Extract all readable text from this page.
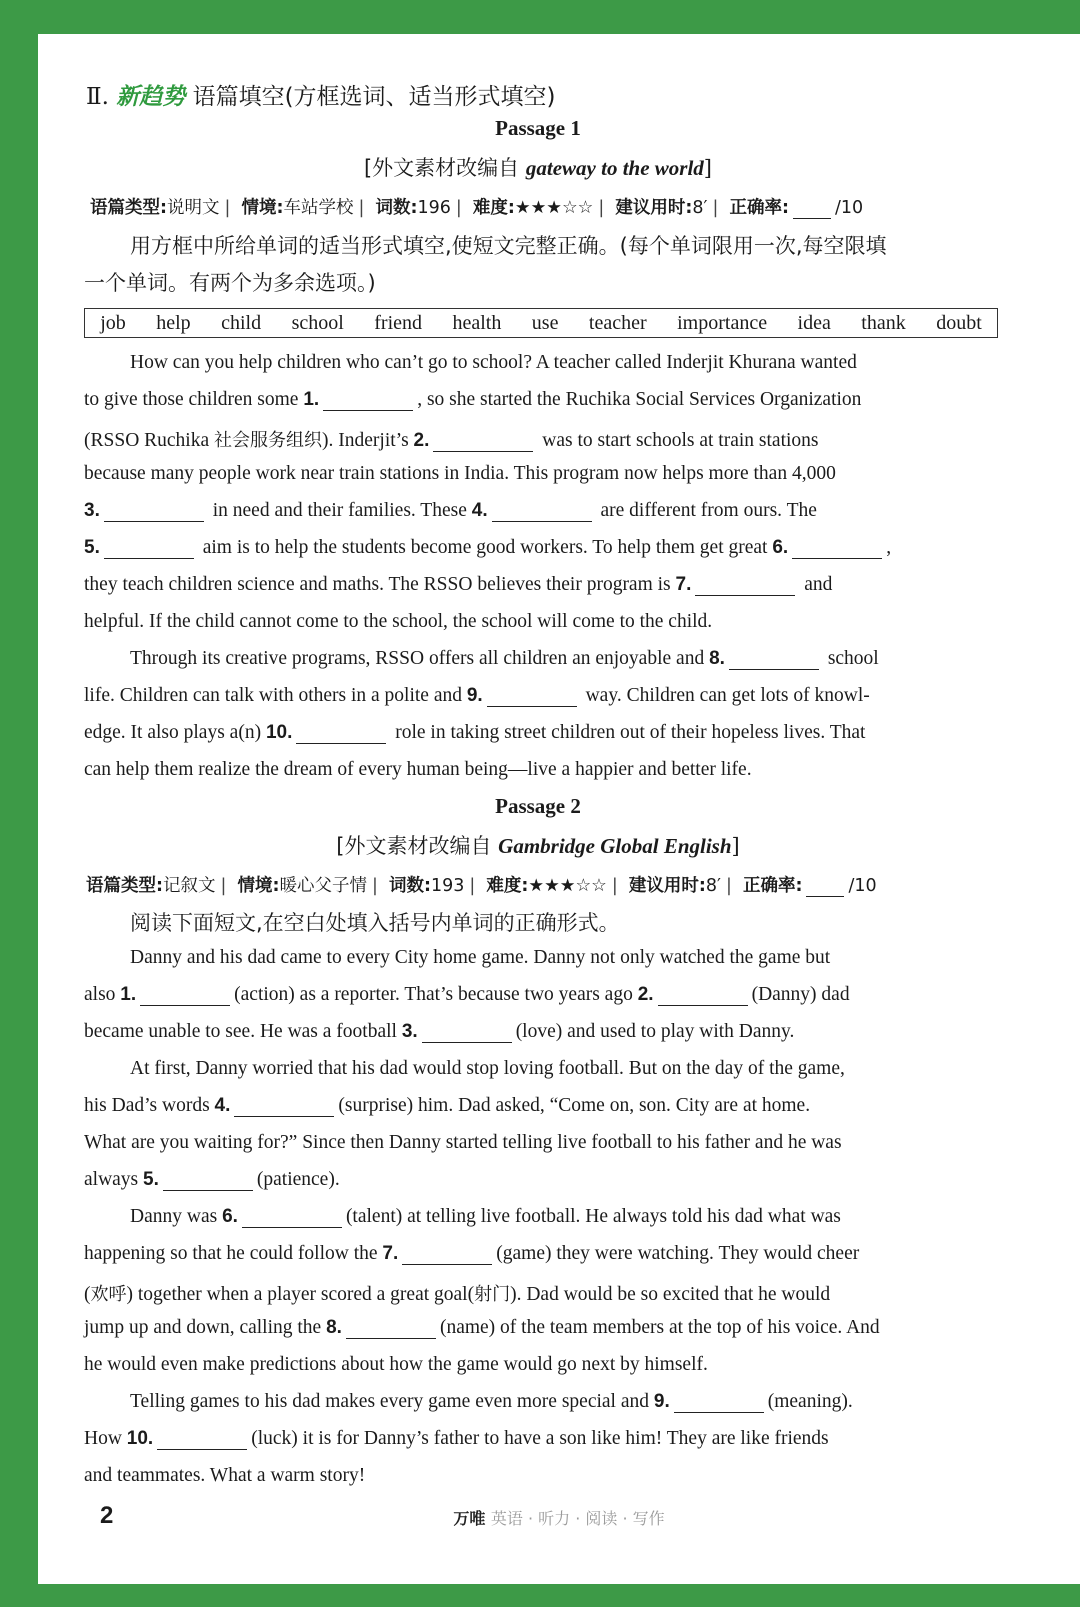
Ⅱ. 新趋势 语篇填空(方框选词、适当形式填空)
Passage 1
[外文素材改编自 gateway to the world]
语篇类型:说明文 | 情境:车站学校 | 词数:196 | 难度:★★★☆☆ | 建议用时:8′ | 正确率:	/10
用方框中所给单词的适当形式填空,使短文完整正确。(每个单词限用一次,每空限填
一个单词。有两个为多余选项。)
job help child school friend health use teacher importance idea thank doubt
How can you help children who can’t go to school? A teacher called Inderjit Khurana wanted
to give those children some 1.	, so she started the Ruchika Social Services Organization
(RSSO Ruchika 社会服务组织). Inderjit’s 2.	was to start schools at train stations
because many people work near train stations in India. This program now helps more than 4,000
3.	in need and their families. These 4.	are different from ours. The
5.	aim is to help the students become good workers. To help them get great 6.	,
they teach children science and maths. The RSSO believes their program is 7.	and
helpful. If the child cannot come to the school, the school will come to the child.
Through its creative programs, RSSO offers all children an enjoyable and 8.	school
life. Children can talk with others in a polite and 9.	way. Children can get lots of knowl-
edge. It also plays a(n) 10.	role in taking street children out of their hopeless lives. That
can help them realize the dream of every human being—live a happier and better life.
Passage 2
[外文素材改编自 Gambridge Global English]
语篇类型:记叙文 | 情境:暖心父子情 | 词数:193 | 难度:★★★☆☆ | 建议用时:8′ | 正确率:	/10
阅读下面短文,在空白处填入括号内单词的正确形式。
Danny and his dad came to every City home game. Danny not only watched the game but
also 1.	(action) as a reporter. That’s because two years ago 2.	(Danny) dad
became unable to see. He was a football 3.	(love) and used to play with Danny.
At first, Danny worried that his dad would stop loving football. But on the day of the game,
his Dad’s words 4.	(surprise) him. Dad asked, “Come on, son. City are at home.
What are you waiting for?” Since then Danny started telling live football to his father and he was
always 5.	(patience).
Danny was 6.	(talent) at telling live football. He always told his dad what was
happening so that he could follow the 7.	(game) they were watching. They would cheer
(欢呼) together when a player scored a great goal(射门). Dad would be so excited that he would
jump up and down, calling the 8.	(name) of the team members at the top of his voice. And
he would even make predictions about how the game would go next by himself.
Telling games to his dad makes every game even more special and 9.	(meaning).
How 10.	(luck) it is for Danny’s father to have a son like him! They are like friends
and teammates. What a warm story!
2	万唯 英语 · 听力 · 阅读 · 写作
